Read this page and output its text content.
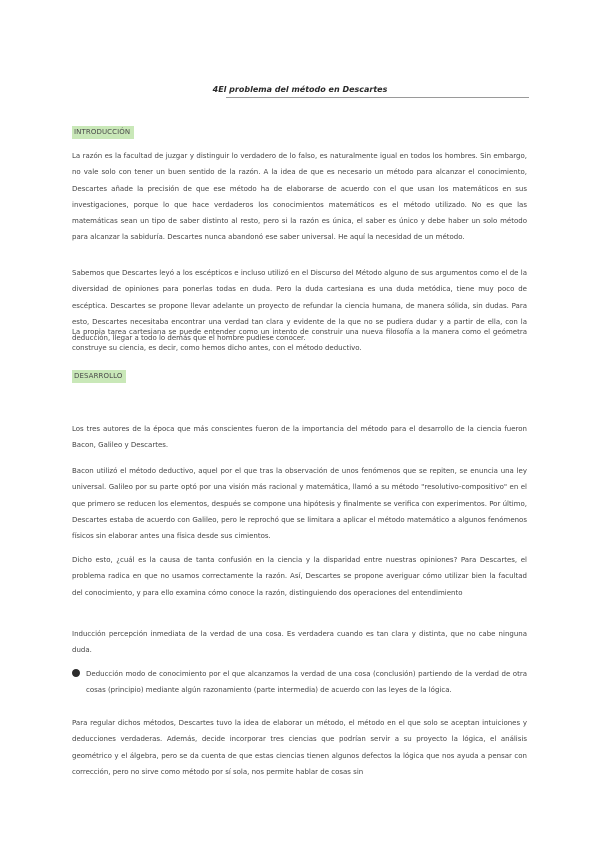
4El problema del método en Descartes
INTRODUCCIÓN

La razón es la facultad de juzgar y distinguir lo verdadero de lo falso, es naturalmente igual en todos los hombres. Sin embargo, no vale solo con tener un buen sentido de la razón. A la idea de que es necesario un método para alcanzar el conocimiento, Descartes añade la precisión de que ese método ha de elaborarse de acuerdo con el que usan los matemáticos en sus investigaciones, porque lo que hace verdaderos los conocimientos matemáticos es el método utilizado. No es que las matemáticas sean un tipo de saber distinto al resto, pero si la razón es única, el saber es único y debe haber un solo método para alcanzar la sabiduría. Descartes nunca abandonó ese saber universal. He aquí la necesidad de un método.

Sabemos que Descartes leyó a los escépticos e incluso utilizó en el Discurso del Método alguno de sus argumentos como el de la diversidad de opiniones para ponerlas todas en duda. Pero la duda cartesiana es una duda metódica, tiene muy poco de escéptica. Descartes se propone llevar adelante un proyecto de refundar la ciencia humana, de manera sólida, sin dudas. Para esto, Descartes necesitaba encontrar una verdad tan clara y evidente de la que no se pudiera dudar y a partir de ella, con la deducción, llegar a todo lo demás que el hombre pudiese conocer.

La propia tarea cartesiana se puede entender como un intento de construir una nueva filosofía a la manera como el geómetra construye su ciencia, es decir, como hemos dicho antes, con el método deductivo.

DESARROLLO

Los tres autores de la época que más conscientes fueron de la importancia del método para el desarrollo de la ciencia fueron Bacon, Galileo y Descartes.

Bacon utilizó el método deductivo, aquel por el que tras la observación de unos fenómenos que se repiten, se enuncia una ley universal. Galileo por su parte optó por una visión más racional y matemática, llamó a su método "resolutivo-compositivo" en el que primero se reducen los elementos, después se compone una hipótesis y finalmente se verifica con experimentos. Por último, Descartes estaba de acuerdo con Galileo, pero le reprochó que se limitara a aplicar el método matemático a algunos fenómenos físicos sin elaborar antes una física desde sus cimientos.

Dicho esto, ¿cuál es la causa de tanta confusión en la ciencia y la disparidad entre nuestras opiniones? Para Descartes, el problema radica en que no usamos correctamente la razón. Así, Descartes se propone averiguar cómo utilizar bien la facultad del conocimiento, y para ello examina cómo conoce la razón, distinguiendo dos operaciones del entendimiento

Inducción percepción inmediata de la verdad de una cosa. Es verdadera cuando es tan clara y distinta, que no cabe ninguna duda.

Deducción modo de conocimiento por el que alcanzamos la verdad de una cosa (conclusión) partiendo de la verdad de otra cosas (principio) mediante algún razonamiento (parte intermedia) de acuerdo con las leyes de la lógica.

Para regular dichos métodos, Descartes tuvo la idea de elaborar un método, el método en el que solo se aceptan intuiciones y deducciones verdaderas. Además, decide incorporar tres ciencias que podrían servir a su proyecto la lógica, el análisis geométrico y el álgebra, pero se da cuenta de que estas ciencias tienen algunos defectos la lógica que nos ayuda a pensar con corrección, pero no sirve como método por sí sola, nos permite hablar de cosas sin
